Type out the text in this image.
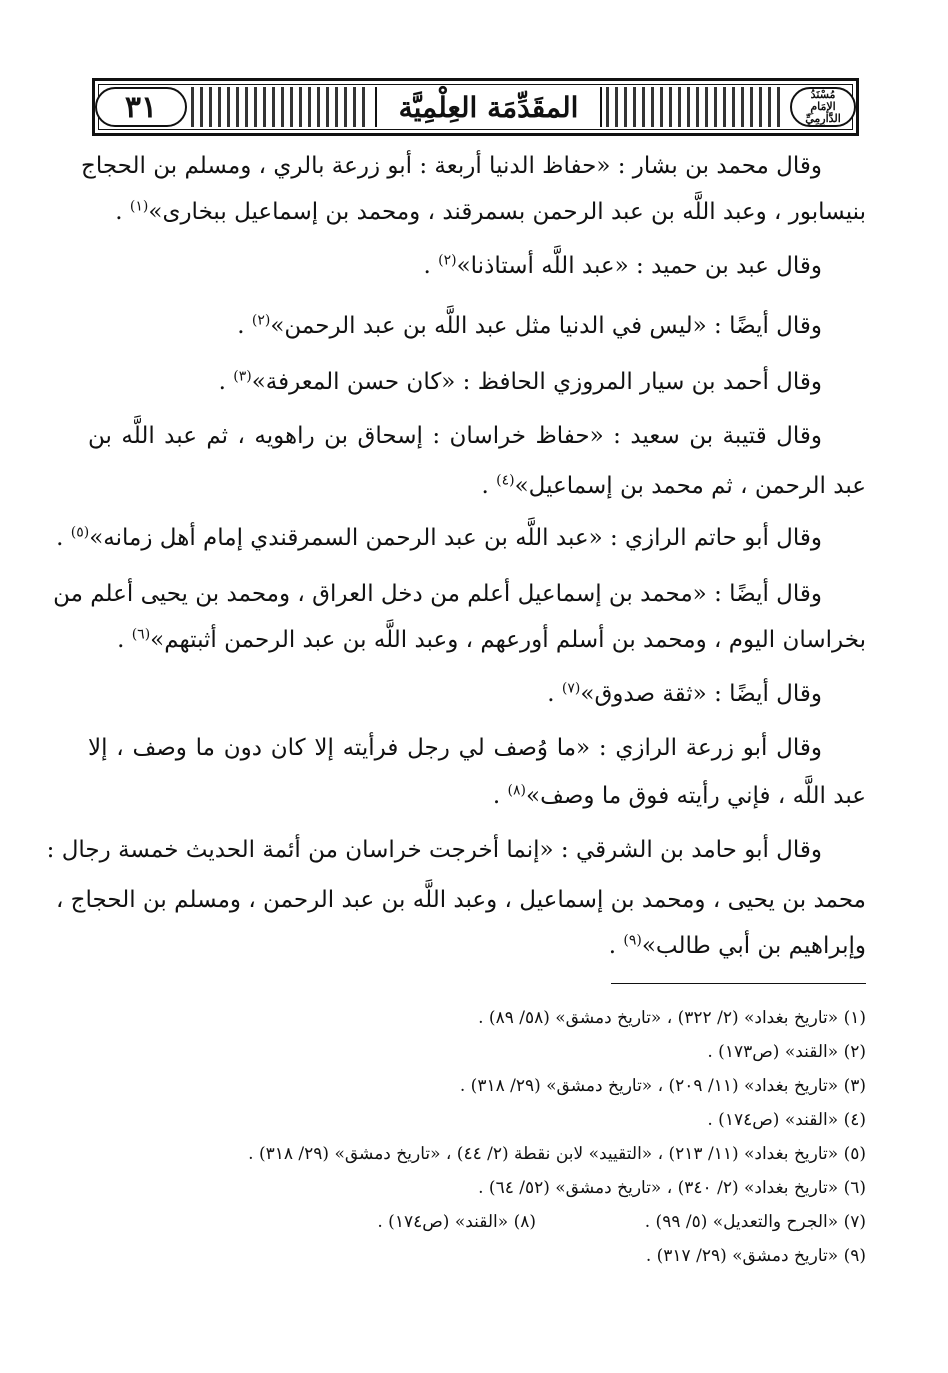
٣١	المقَدِّمَة العِلْمِيَّة	مُسْنَدُ
الإمَامِ الدَّارِمِيِّ
وقال محمد بن بشار : «حفاظ الدنيا أربعة : أبو زرعة بالري ، ومسلم بن الحجاج
بنيسابور ، وعبد اللَّه بن عبد الرحمن بسمرقند ، ومحمد بن إسماعيل ببخارى»$^{(١)}$ .
وقال عبد بن حميد : «عبد اللَّه أستاذنا»$^{(٢)}$ .
وقال أيضًا : «ليس في الدنيا مثل عبد اللَّه بن عبد الرحمن»$^{(٢)}$ .
وقال أحمد بن سيار المروزي الحافظ : «كان حسن المعرفة»$^{(٣)}$ .
وقال قتيبة بن سعيد : «حفاظ خراسان : إسحاق بن راهويه ، ثم عبد اللَّه بن
عبد الرحمن ، ثم محمد بن إسماعيل»$^{(٤)}$ .
وقال أبو حاتم الرازي : «عبد اللَّه بن عبد الرحمن السمرقندي إمام أهل زمانه»$^{(٥)}$ .
وقال أيضًا : «محمد بن إسماعيل أعلم من دخل العراق ، ومحمد بن يحيى أعلم من
بخراسان اليوم ، ومحمد بن أسلم أورعهم ، وعبد اللَّه بن عبد الرحمن أثبتهم»$^{(٦)}$ .
وقال أيضًا : «ثقة صدوق»$^{(٧)}$ .
وقال أبو زرعة الرازي : «ما وُصف لي رجل فرأيته إلا كان دون ما وصف ، إلا
عبد اللَّه ، فإني رأيته فوق ما وصف»$^{(٨)}$ .
وقال أبو حامد بن الشرقي : «إنما أخرجت خراسان من أئمة الحديث خمسة رجال :
محمد بن يحيى ، ومحمد بن إسماعيل ، وعبد اللَّه بن عبد الرحمن ، ومسلم بن الحجاج ،
وإبراهيم بن أبي طالب»$^{(٩)}$ .
(١) «تاريخ بغداد» (٢/ ٣٢٢) ، «تاريخ دمشق» (٥٨/ ٨٩) .
(٢) «القند» (ص١٧٣) .
(٣) «تاريخ بغداد» (١١/ ٢٠٩) ، «تاريخ دمشق» (٢٩/ ٣١٨) .
(٤) «القند» (ص١٧٤) .
(٥) «تاريخ بغداد» (١١/ ٢١٣) ، «التقييد» لابن نقطة (٢/ ٤٤) ، «تاريخ دمشق» (٢٩/ ٣١٨) .
(٦) «تاريخ بغداد» (٢/ ٣٤٠) ، «تاريخ دمشق» (٥٢/ ٦٤) .
(٧) «الجرح والتعديل» (٥/ ٩٩) .
(٨) «القند» (ص١٧٤) .
(٩) «تاريخ دمشق» (٢٩/ ٣١٧) .
